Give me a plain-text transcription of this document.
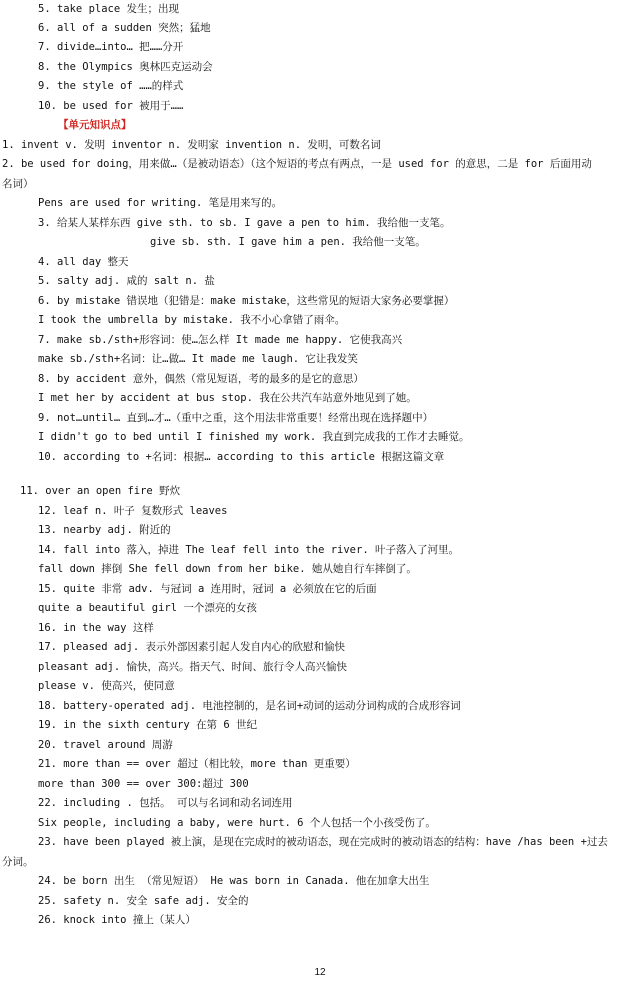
5. take place 发生；出现
6. all of a sudden 突然；猛地
7. divide…into… 把……分开
8. the Olympics 奥林匹克运动会
9. the style of ……的样式
10. be used for 被用于……
【单元知识点】
1. invent v. 发明 inventor n. 发明家 invention n. 发明，可数名词
2. be used for doing，用来做…（是被动语态）（这个短语的考点有两点，一是 used for 的意思，二是 for 后面用动
名词）
Pens are used for writing. 笔是用来写的。
3. 给某人某样东西 give sth. to sb. I gave a pen to him. 我给他一支笔。
give sb. sth. I gave him a pen. 我给他一支笔。
4. all day 整天
5. salty adj. 咸的 salt n. 盐
6. by mistake 错误地（犯错是：make mistake，这些常见的短语大家务必要掌握）
I took the umbrella by mistake. 我不小心拿错了雨伞。
7. make sb./sth+形容词：使…怎么样 It made me happy. 它使我高兴
make sb./sth+名词：让…做… It made me laugh. 它让我发笑
8. by accident 意外，偶然（常见短语，考的最多的是它的意思）
I met her by accident at bus stop. 我在公共汽车站意外地见到了她。
9. not…until… 直到…才…（重中之重，这个用法非常重要！经常出现在选择题中）
I didn't go to bed until I finished my work. 我直到完成我的工作才去睡觉。
10. according to +名词：根据… according to this article 根据这篇文章
11. over an open fire 野炊
12. leaf n. 叶子 复数形式 leaves
13. nearby adj. 附近的
14. fall into 落入，掉进 The leaf fell into the river. 叶子落入了河里。
fall down 摔倒 She fell down from her bike. 她从她自行车摔倒了。
15. quite 非常 adv. 与冠词 a 连用时，冠词 a 必须放在它的后面
quite a beautiful girl 一个漂亮的女孩
16. in the way 这样
17. pleased adj. 表示外部因素引起人发自内心的欣慰和愉快
pleasant adj. 愉快，高兴。指天气、时间、旅行令人高兴愉快
please v. 使高兴，使同意
18. battery-operated adj. 电池控制的，是名词+动词的运动分词构成的合成形容词
19. in the sixth century 在第 6 世纪
20. travel around 周游
21. more than == over 超过（相比较，more than 更重要）
more than 300 == over 300:超过 300
22. including . 包括。 可以与名词和动名词连用
Six people, including a baby, were hurt. 6 个人包括一个小孩受伤了。
23. have been played 被上演，是现在完成时的被动语态，现在完成时的被动语态的结构：have /has been +过去
分词。
24. be born 出生 （常见短语） He was born in Canada. 他在加拿大出生
25. safety n. 安全 safe adj. 安全的
26. knock into 撞上（某人）
12
